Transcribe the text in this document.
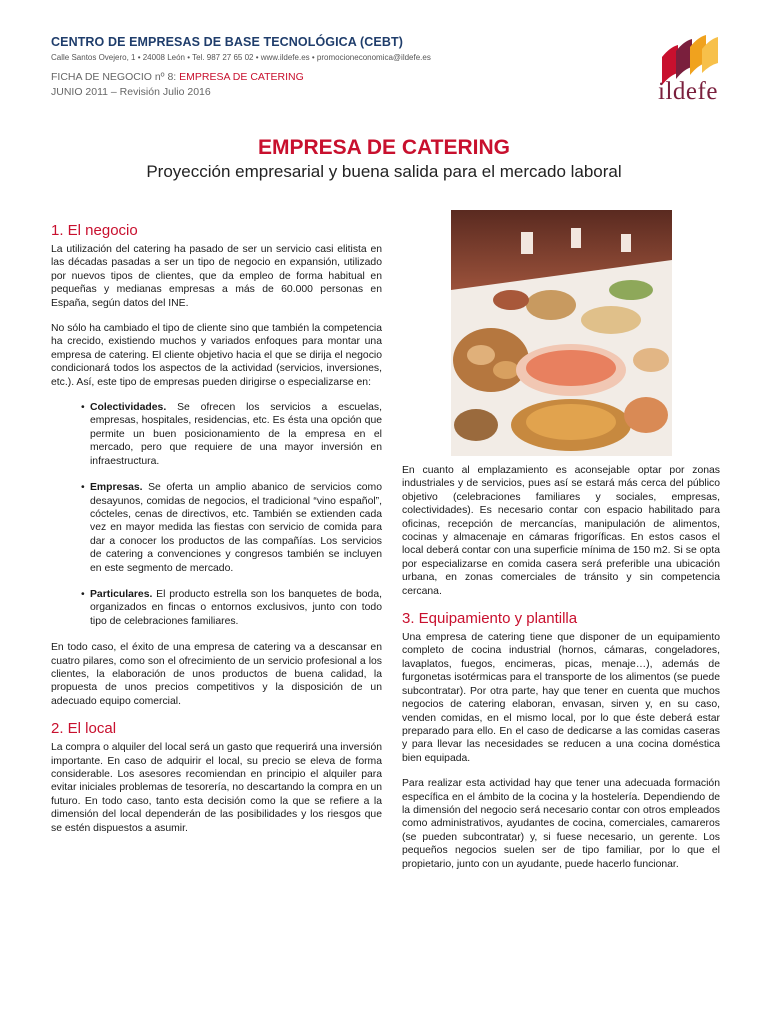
CENTRO DE EMPRESAS DE BASE TECNOLÓGICA (CEBT)
Calle Santos Ovejero, 1 • 24008 León • Tel. 987 27 65 02 • www.ildefe.es • promocioneconomica@ildefe.es
FICHA DE NEGOCIO nº 8: EMPRESA DE CATERING
JUNIO 2011 – Revisión Julio 2016	ildefe
EMPRESA DE CATERING
Proyección empresarial y buena salida para el mercado laboral
1. El negocio

La utilización del catering ha pasado de ser un servicio casi elitista en las décadas pasadas a ser un tipo de negocio en expansión, utilizado por nuevos tipos de clientes, que da empleo de forma habitual en pequeñas y medianas empresas a más de 60.000 personas en España, según datos del INE.

No sólo ha cambiado el tipo de cliente sino que también la competencia ha crecido, existiendo muchos y variados enfoques para montar una empresa de catering. El cliente objetivo hacia el que se dirija el negocio condicionará todos los aspectos de la actividad (servicios, inversiones, etc.). Así, este tipo de empresas pueden dirigirse o especializarse en:

• Colectividades. Se ofrecen los servicios a escuelas, empresas, hospitales, residencias, etc. Es ésta una opción que permite un buen posicionamiento de la empresa en el mercado, pero que requiere de una mayor inversión en infraestructura.
• Empresas. Se oferta un amplio abanico de servicios como desayunos, comidas de negocios, el tradicional “vino español”, cócteles, cenas de directivos, etc. También se extienden cada vez en mayor medida las fiestas con servicio de comida para dar a conocer los productos de las compañías. Los servicios de catering a convenciones y congresos también se incluyen en este segmento de mercado.
• Particulares. El producto estrella son los banquetes de boda, organizados en fincas o entornos exclusivos, junto con todo tipo de celebraciones familiares.

En todo caso, el éxito de una empresa de catering va a descansar en cuatro pilares, como son el ofrecimiento de un servicio profesional a los clientes, la elaboración de unos productos de buena calidad, la propuesta de unos precios competitivos y la disposición de un adecuado equipo comercial.

2. El local

La compra o alquiler del local será un gasto que requerirá una inversión importante. En caso de adquirir el local, su precio se eleva de forma considerable. Los asesores recomiendan en principio el alquiler para evitar iniciales problemas de tesorería, no descartando la compra en un futuro. En todo caso, tanto esta decisión como la que se refiere a la dimensión del local dependerán de las posibilidades y los riesgos que se estén dispuestos a asumir.

En cuanto al emplazamiento es aconsejable optar por zonas industriales y de servicios, pues así se estará más cerca del público objetivo (celebraciones familiares y sociales, empresas, colectividades). Es necesario contar con espacio habilitado para oficinas, recepción de mercancías, manipulación de alimentos, cocinas y almacenaje en cámaras frigoríficas. En estos casos el local deberá contar con una superficie mínima de 150 m2. Si se opta por especializarse en comida casera será preferible una ubicación urbana, en zonas comerciales de tránsito y sin competencia cercana.

3. Equipamiento y plantilla

Una empresa de catering tiene que disponer de un equipamiento completo de cocina industrial (hornos, cámaras, congeladores, lavaplatos, fuegos, encimeras, picas, menaje…), además de furgonetas isotérmicas para el transporte de los alimentos (se puede subcontratar). Por otra parte, hay que tener en cuenta que muchos negocios de catering elaboran, envasan, sirven y, en su caso, venden comidas, en el mismo local, por lo que éste deberá estar preparado para ello. En el caso de dedicarse a las comidas caseras y para llevar las necesidades se reducen a una cocina doméstica bien equipada.

Para realizar esta actividad hay que tener una adecuada formación específica en el ámbito de la cocina y la hostelería. Dependiendo de la dimensión del negocio será necesario contar con otros empleados como administrativos, ayudantes de cocina, comerciales, camareros (se pueden subcontratar) y, si fuese necesario, un gerente. Los pequeños negocios suelen ser de tipo familiar, por lo que el propietario, junto con un ayudante, puede hacerlo funcionar.
